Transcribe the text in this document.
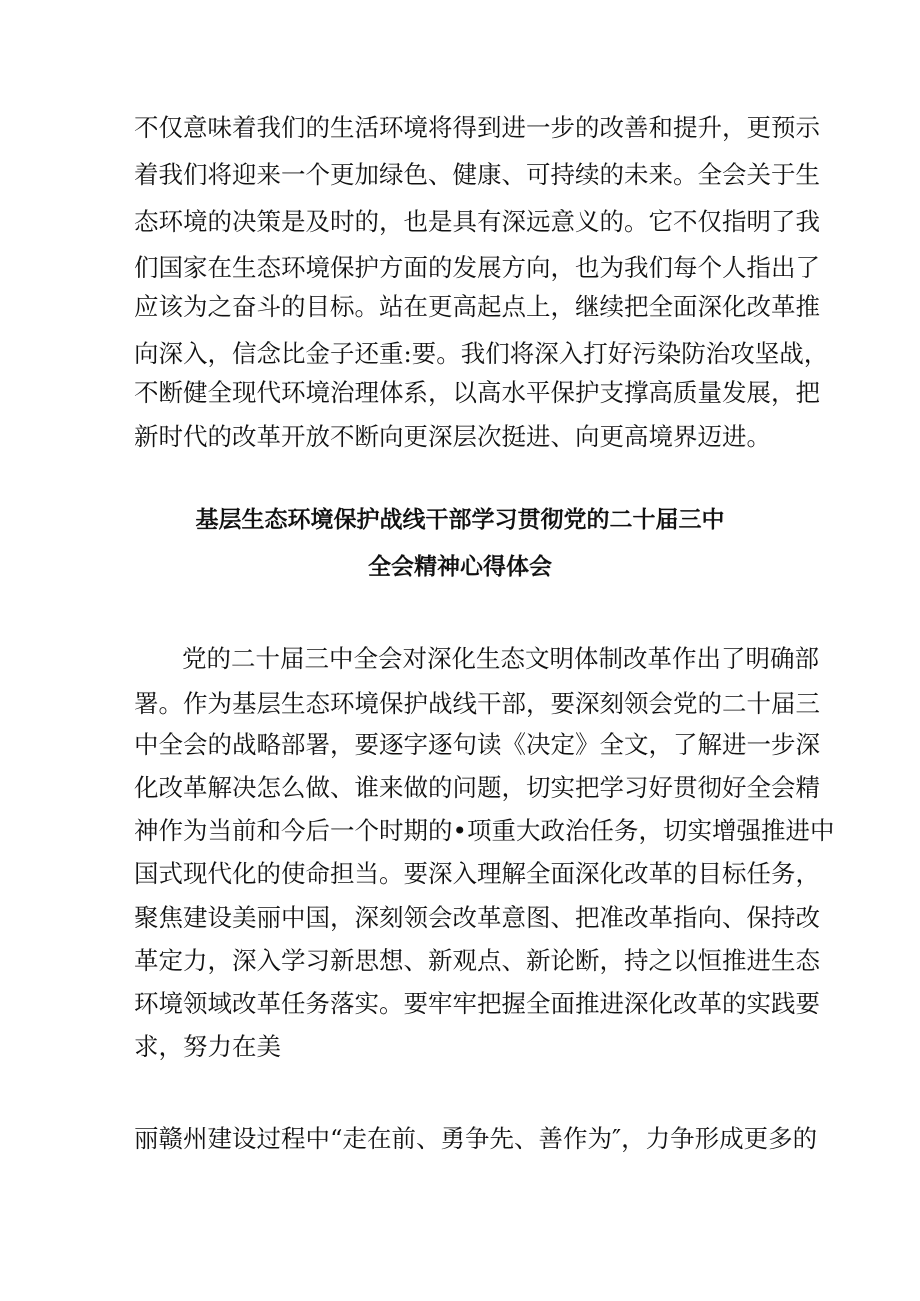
不仅意味着我们的生活环境将得到进一步的改善和提升，更预示
着我们将迎来一个更加绿色、健康、可持续的未来。全会关于生
态环境的决策是及时的，也是具有深远意义的。它不仅指明了我
们国家在生态环境保护方面的发展方向，也为我们每个人指出了
应该为之奋斗的目标。站在更高起点上，继续把全面深化改革推
向深入，信念比金子还重:要。我们将深入打好污染防治攻坚战，
不断健全现代环境治理体系，以高水平保护支撑高质量发展，把
新时代的改革开放不断向更深层次挺进、向更高境界迈进。
基层生态环境保护战线干部学习贯彻党的二十届三中
全会精神心得体会
党的二十届三中全会对深化生态文明体制改革作出了明确部
署。作为基层生态环境保护战线干部，要深刻领会党的二十届三
中全会的战略部署，要逐字逐句读《决定》全文，了解进一步深
化改革解决怎么做、谁来做的问题，切实把学习好贯彻好全会精
神作为当前和今后一个时期的•项重大政治任务，切实增强推进中
国式现代化的使命担当。要深入理解全面深化改革的目标任务，
聚焦建设美丽中国，深刻领会改革意图、把准改革指向、保持改
革定力，深入学习新思想、新观点、新论断，持之以恒推进生态
环境领域改革任务落实。要牢牢把握全面推进深化改革的实践要
求，努力在美
丽赣州建设过程中“走在前、勇争先、善作为″，力争形成更多的
